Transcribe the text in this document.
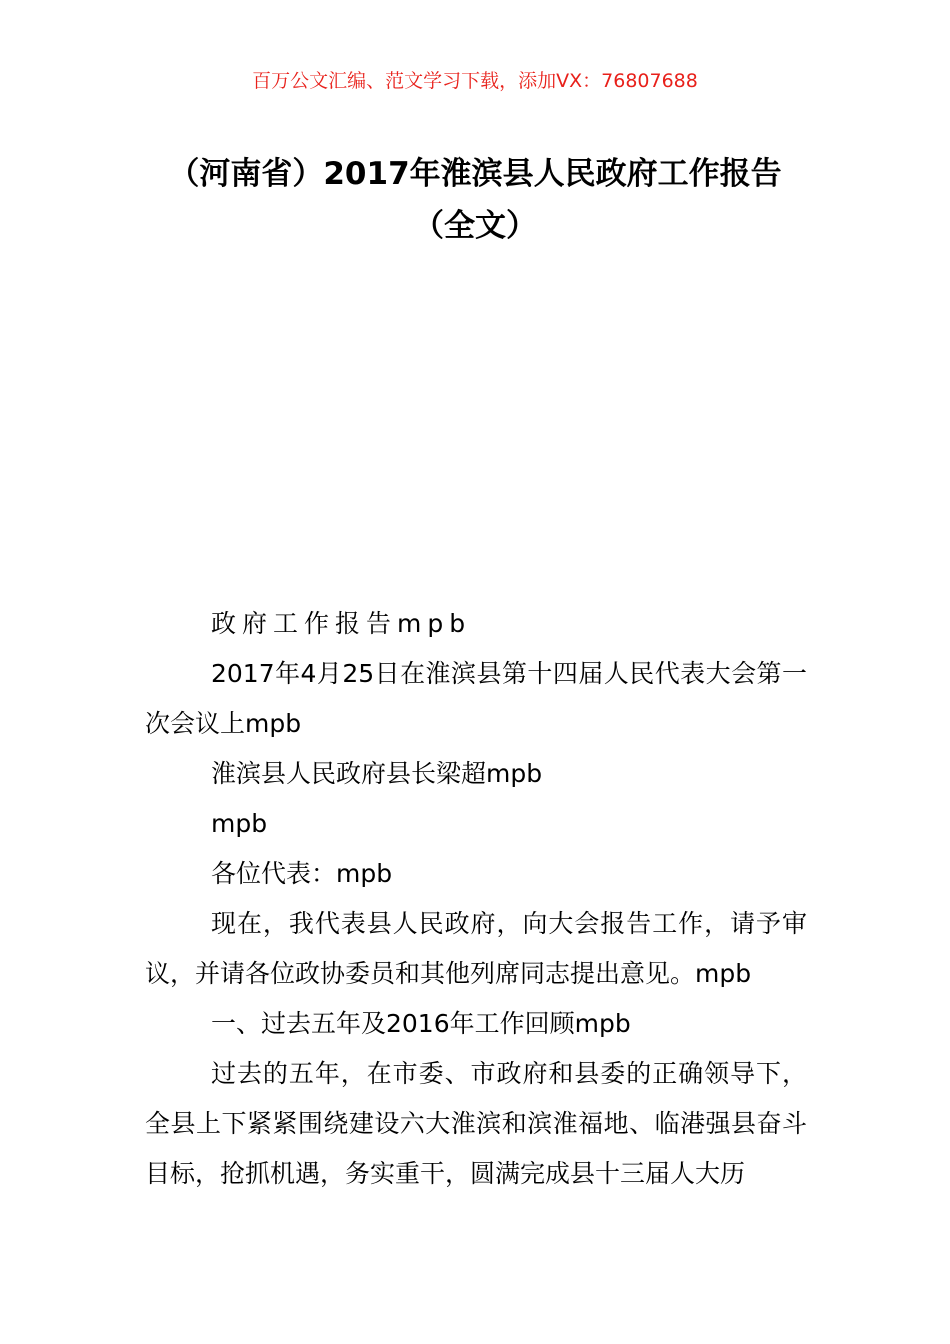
百万公文汇编、范文学习下载，添加VX：76807688
（河南省）2017年淮滨县人民政府工作报告（全文）

政府工作报告mpb

2017年4月25日在淮滨县第十四届人民代表大会第一次会议上mpb

淮滨县人民政府县长梁超mpb

mpb

各位代表：mpb

现在，我代表县人民政府，向大会报告工作，请予审议，并请各位政协委员和其他列席同志提出意见。mpb

一、过去五年及2016年工作回顾mpb

过去的五年，在市委、市政府和县委的正确领导下，全县上下紧紧围绕建设六大淮滨和滨淮福地、临港强县奋斗目标，抢抓机遇，务实重干，圆满完成县十三届人大历
